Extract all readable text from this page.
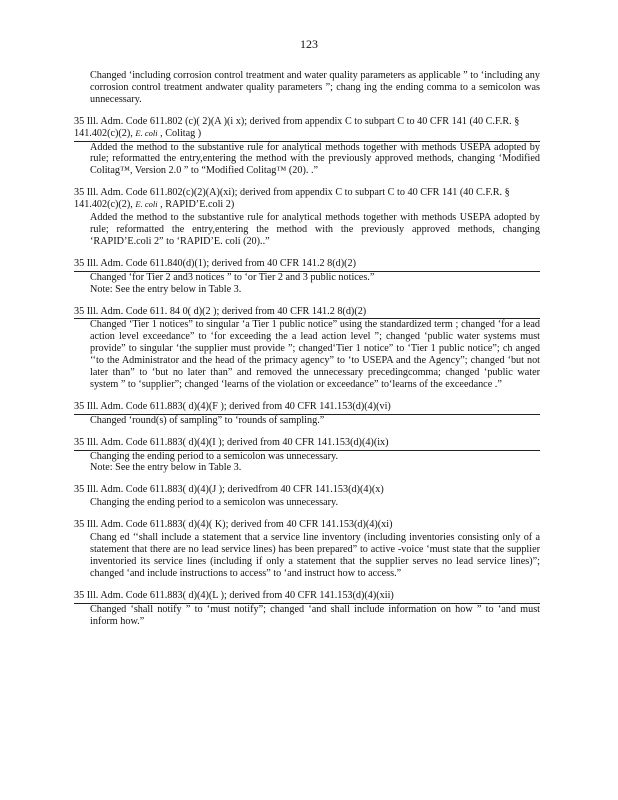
123

Changed ‘including corrosion control treatment and water quality parameters as applicable ” to ‘including any corrosion control treatment andwater quality parameters ”; chang ing the ending comma to a semicolon was unnecessary.

35 Ill. Adm. Code 611.802 (c)( 2)(A )(i x); derived from appendix C to subpart C to 40 CFR 141 (40 C.F.R. § 141.402(c)(2), E. coli , Colitag )

Added the method to the substantive rule for analytical methods together with methods USEPA adopted by rule; reformatted the entry,entering the method with the previously approved methods, changing ‘Modified Colitag™, Version 2.0 ” to “Modified Colitag™ (20). .”

35 Ill. Adm. Code 611.802(c)(2)(A)(xi); derived from appendix C to subpart C to 40 CFR 141 (40 C.F.R. § 141.402(c)(2), E. coli , RAPID’E.coli 2)

Added the method to the substantive rule for analytical methods together with methods USEPA adopted by rule; reformatted the entry,entering the method with the previously approved methods, changing ‘RAPID’E.coli 2” to ‘RAPID’E. coli (20)..”

35 Ill. Adm. Code 611.840(d)(1); derived from 40 CFR 141.2 8(d)(2)

Changed ‘for Tier 2 and3 notices ” to ‘or Tier 2 and 3 public notices.”

Note: See the entry below in Table 3.

35 Ill. Adm. Code 611. 84 0( d)(2 ); derived from 40 CFR 141.2 8(d)(2)

Changed ‘Tier 1 notices” to singular ‘a Tier 1 public notice” using the standardized term ; changed ‘for a lead action level exceedance” to ‘for exceeding the a lead action level ”; changed ‘public water systems must provide” to singular ‘the supplier must provide ”; changed‘Tier 1 notice” to ‘Tier 1 public notice”; ch anged ‘‘to the Administrator and the head of the primacy agency” to ‘to USEPA and the Agency”; changed ‘but not later than” to ‘but no later than” and removed the unnecessary precedingcomma; changed ‘public water system ” to ‘supplier”; changed ‘learns of the violation or exceedance” to‘learns of the exceedance .”

35 Ill. Adm. Code 611.883( d)(4)(F ); derived from 40 CFR 141.153(d)(4)(vi)

Changed ‘round(s) of sampling” to ‘rounds of sampling.”

35 Ill. Adm. Code 611.883( d)(4)(I ); derived from 40 CFR 141.153(d)(4)(ix)

Changing the ending period to a semicolon was unnecessary.

Note: See the entry below in Table 3.

35 Ill. Adm. Code 611.883( d)(4)(J ); derivedfrom 40 CFR 141.153(d)(4)(x)

Changing the ending period to a semicolon was unnecessary.

35 Ill. Adm. Code 611.883( d)(4)( K); derived from 40 CFR 141.153(d)(4)(xi)

Chang ed ‘‘shall include a statement that a service line inventory (including inventories consisting only of a statement that there are no lead service lines) has been prepared” to active -voice ‘must state that the supplier inventoried its service lines (including if only a statement that the supplier serves no lead service lines)”; changed ‘and include instructions to access” to ‘and instruct how to access.”

35 Ill. Adm. Code 611.883( d)(4)(L ); derived from 40 CFR 141.153(d)(4)(xii)

Changed ‘shall notify ” to ‘must notify”; changed ‘and shall include information on how ” to ‘and must inform how.”
